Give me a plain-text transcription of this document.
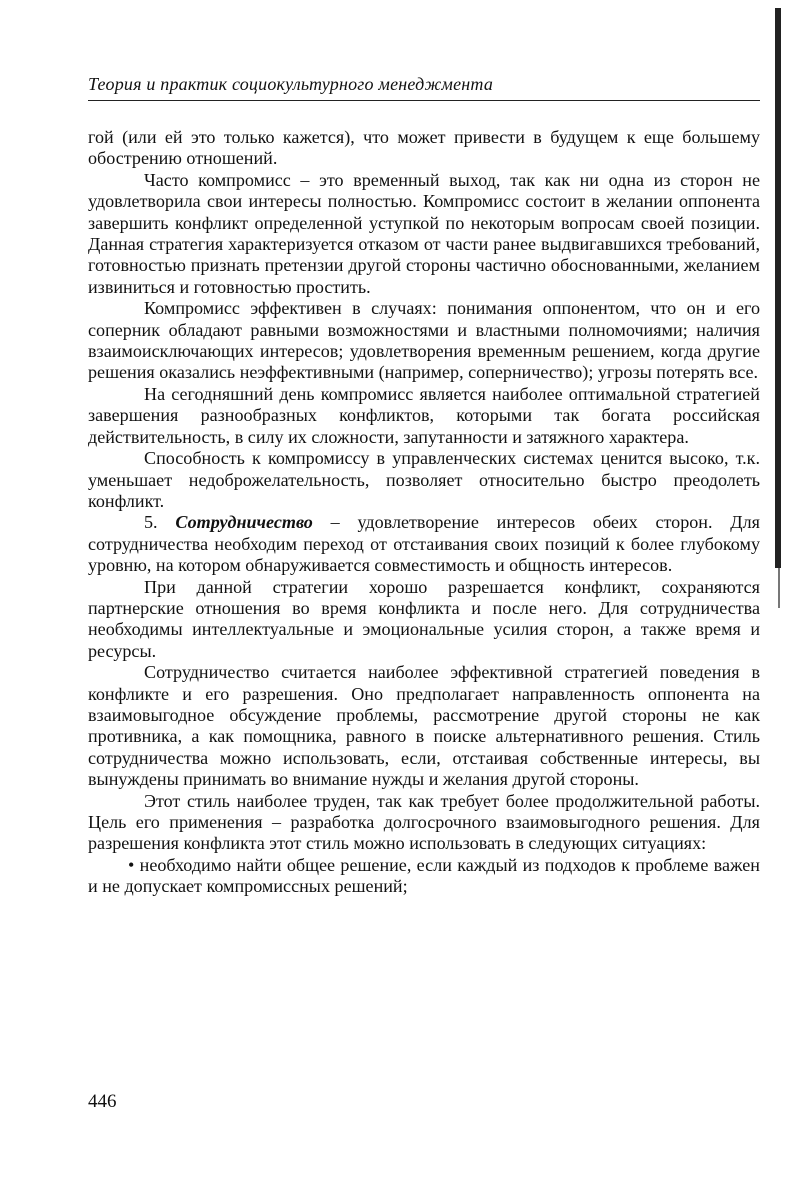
Теория и практик социокультурного менеджмента

гой (или ей это только кажется), что может привести в будущем к еще большему обострению отношений.

Часто компромисс – это временный выход, так как ни одна из сторон не удовлетворила свои интересы полностью. Компромисс состоит в желании оппонента завершить конфликт определенной уступкой по некоторым вопросам своей позиции. Данная стратегия характеризуется отказом от части ранее выдвигавшихся требований, готовностью признать претензии другой стороны частично обоснованными, желанием извиниться и готовностью простить.

Компромисс эффективен в случаях: понимания оппонентом, что он и его соперник обладают равными возможностями и властными полномочиями; наличия взаимоисключающих интересов; удовлетворения временным решением, когда другие решения оказались неэффективными (например, соперничество); угрозы потерять все.

На сегодняшний день компромисс является наиболее оптимальной стратегией завершения разнообразных конфликтов, которыми так богата российская действительность, в силу их сложности, запутанности и затяжного характера.

Способность к компромиссу в управленческих системах ценится высоко, т.к. уменьшает недоброжелательность, позволяет относительно быстро преодолеть конфликт.

5. Сотрудничество – удовлетворение интересов обеих сторон. Для сотрудничества необходим переход от отстаивания своих позиций к более глубокому уровню, на котором обнаруживается совместимость и общность интересов.

При данной стратегии хорошо разрешается конфликт, сохраняются партнерские отношения во время конфликта и после него. Для сотрудничества необходимы интеллектуальные и эмоциональные усилия сторон, а также время и ресурсы.

Сотрудничество считается наиболее эффективной стратегией поведения в конфликте и его разрешения. Оно предполагает направленность оппонента на взаимовыгодное обсуждение проблемы, рассмотрение другой стороны не как противника, а как помощника, равного в поиске альтернативного решения. Стиль сотрудничества можно использовать, если, отстаивая собственные интересы, вы вынуждены принимать во внимание нужды и желания другой стороны.

Этот стиль наиболее труден, так как требует более продолжительной работы. Цель его применения – разработка долгосрочного взаимовыгодного решения. Для разрешения конфликта этот стиль можно использовать в следующих ситуациях:

• необходимо найти общее решение, если каждый из подходов к проблеме важен и не допускает компромиссных решений;

446
